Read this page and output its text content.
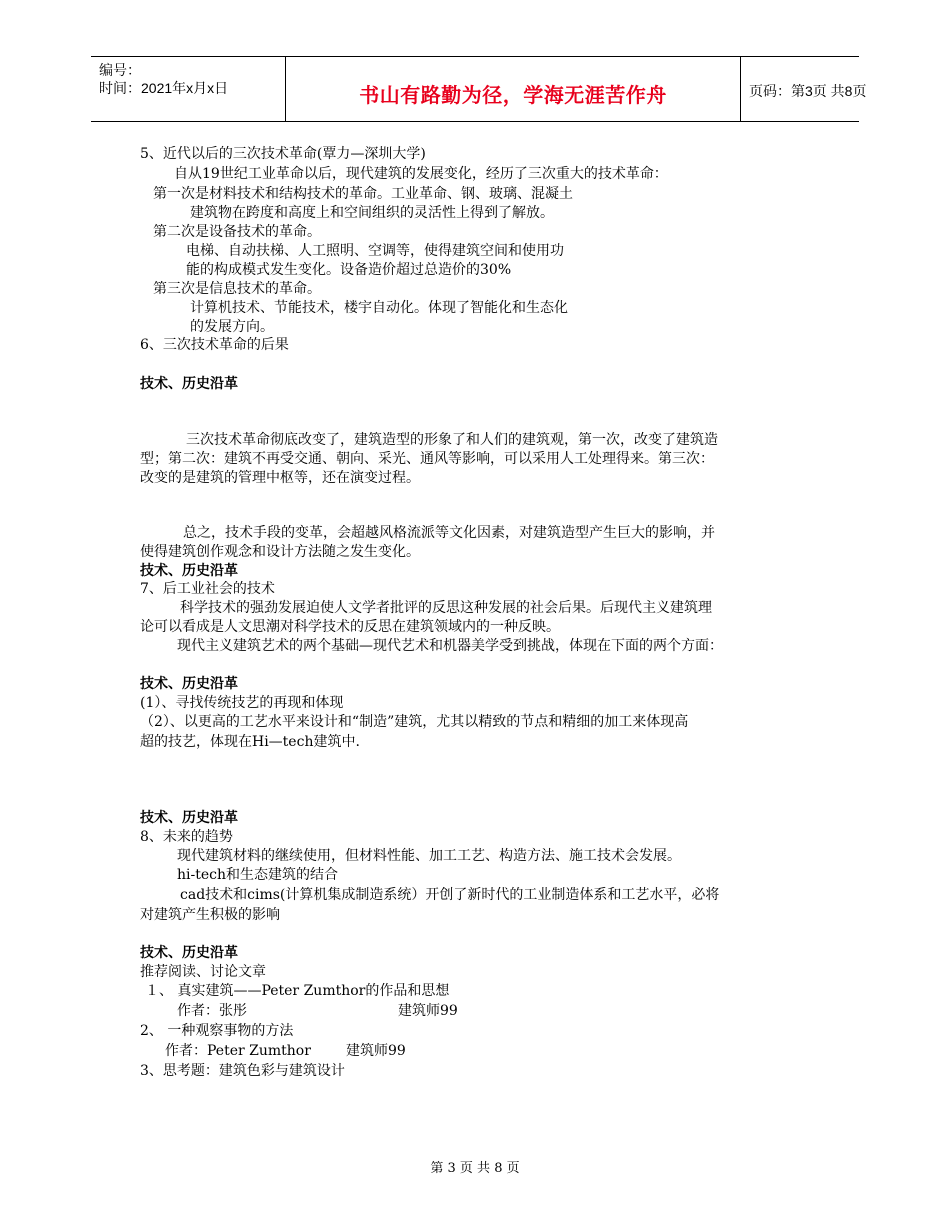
编号：
时间：2021年x月x日	书山有路勤为径，学海无涯苦作舟	页码：第3页 共8页
5、近代以后的三次技术革命(覃力—深圳大学)
自从19世纪工业革命以后，现代建筑的发展变化，经历了三次重大的技术革命：
第一次是材料技术和结构技术的革命。工业革命、钢、玻璃、混凝土
建筑物在跨度和高度上和空间组织的灵活性上得到了解放。
第二次是设备技术的革命。
电梯、自动扶梯、人工照明、空调等，使得建筑空间和使用功
能的构成模式发生变化。设备造价超过总造价的30%
第三次是信息技术的革命。
计算机技术、节能技术，楼宇自动化。体现了智能化和生态化
的发展方向。
6、三次技术革命的后果
技术、历史沿革
三次技术革命彻底改变了，建筑造型的形象了和人们的建筑观，第一次，改变了建筑造
型；第二次：建筑不再受交通、朝向、采光、通风等影响，可以采用人工处理得来。第三次：
改变的是建筑的管理中枢等，还在演变过程。
总之，技术手段的变革，会超越风格流派等文化因素，对建筑造型产生巨大的影响，并
使得建筑创作观念和设计方法随之发生变化。
技术、历史沿革
7、后工业社会的技术
科学技术的强劲发展迫使人文学者批评的反思这种发展的社会后果。后现代主义建筑理
论可以看成是人文思潮对科学技术的反思在建筑领域内的一种反映。
现代主义建筑艺术的两个基础—现代艺术和机器美学受到挑战，体现在下面的两个方面：
技术、历史沿革
(1）、寻找传统技艺的再现和体现
（2）、以更高的工艺水平来设计和“制造”建筑，尤其以精致的节点和精细的加工来体现高
超的技艺，体现在Hi—tech建筑中.
技术、历史沿革
8、未来的趋势
现代建筑材料的继续使用，但材料性能、加工工艺、构造方法、施工技术会发展。
hi-tech和生态建筑的结合
cad技术和cims(计算机集成制造系统）开创了新时代的工业制造体系和工艺水平，必将
对建筑产生积极的影响
技术、历史沿革
推荐阅读、讨论文章
１、 真实建筑——Peter Zumthor的作品和思想
作者：张彤	建筑师99
2、 一种观察事物的方法
作者：Peter Zumthor	建筑师99
3、思考题：建筑色彩与建筑设计
第 3 页 共 8 页
